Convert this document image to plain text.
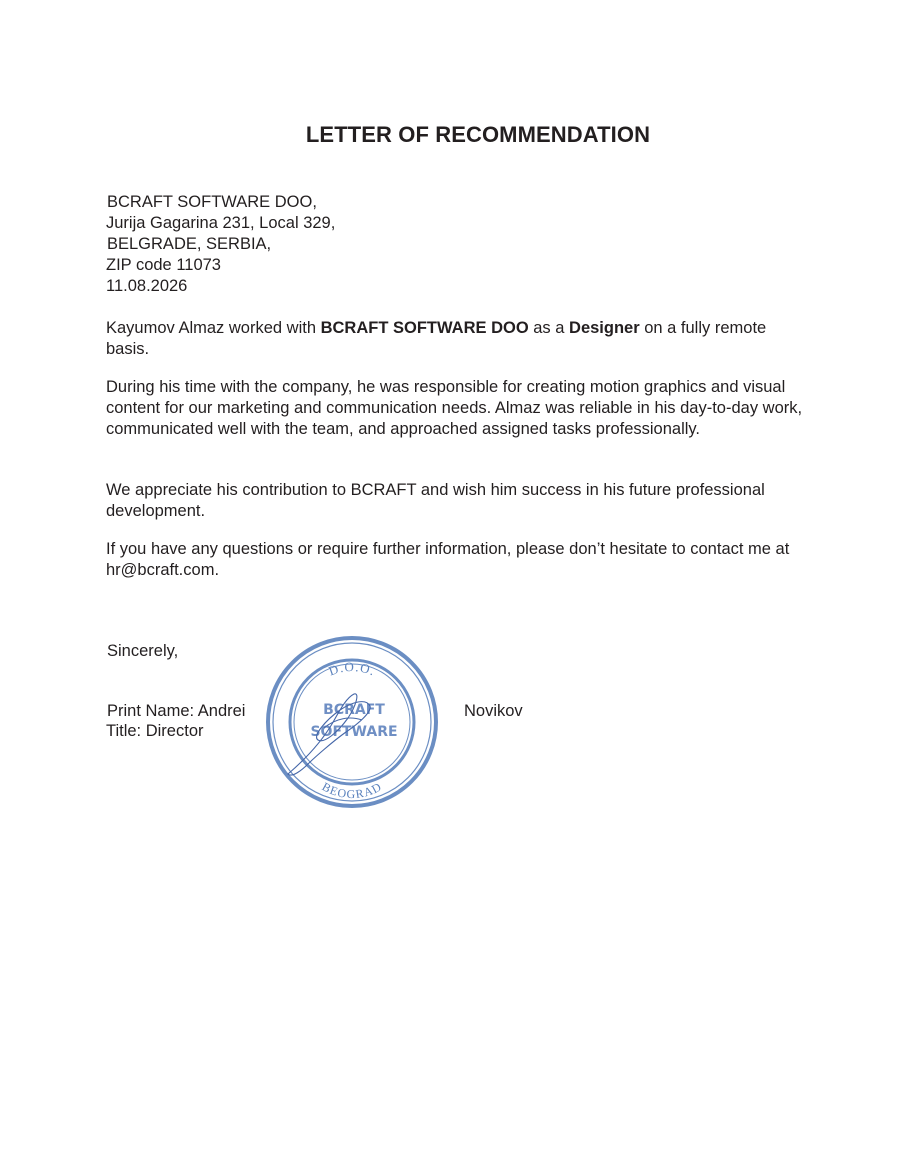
LETTER OF RECOMMENDATION
BCRAFT SOFTWARE DOO,
Jurija Gagarina 231, Local 329,
BELGRADE, SERBIA,
ZIP code 11073
11.08.2026

Kayumov Almaz worked with BCRAFT SOFTWARE DOO as a Designer on a fully remote basis.

During his time with the company, he was responsible for creating motion graphics and visual content for our marketing and communication needs. Almaz was reliable in his day-to-day work, communicated well with the team, and approached assigned tasks professionally.

We appreciate his contribution to BCRAFT and wish him success in his future professional development.

If you have any questions or require further information, please don’t hesitate to contact me at hr@bcraft.com.

Sincerely,
Print Name: Andrei	Novikov
Title: Director
D.O.O.
BCRAFT
SOFTWARE
BEOGRAD
